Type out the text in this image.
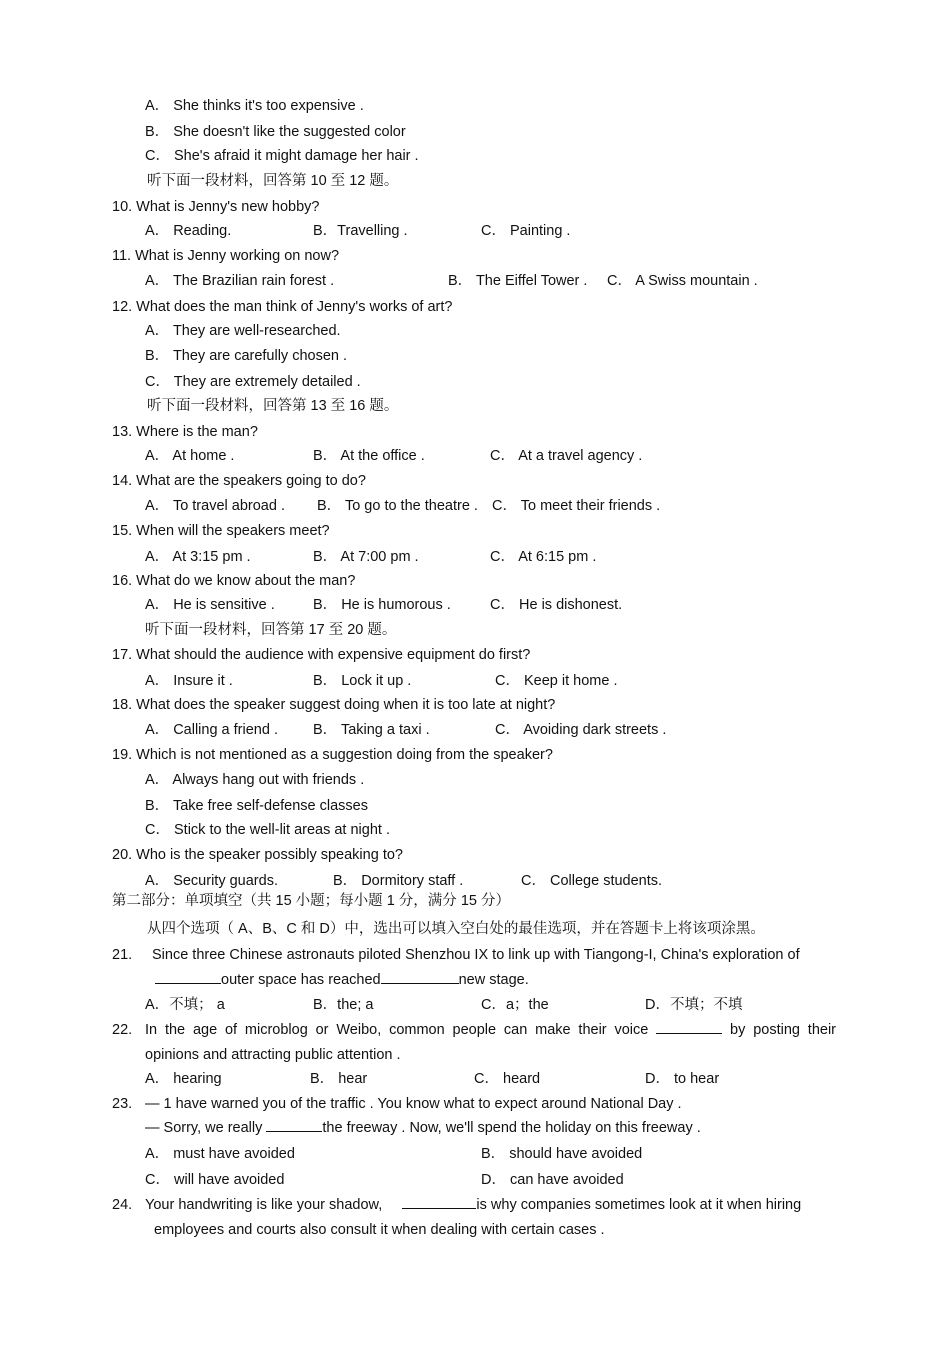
A． She thinks it's too expensive .
B． She doesn't like the suggested color
C． She's afraid it might damage her hair .
听下面一段材料，回答第 10 至 12 题。
10. What is Jenny's new hobby?
A． Reading.	B．Travelling .	C． Painting .
11. What is Jenny working on now?
A． The Brazilian rain forest .	B． The Eiffel Tower . C． A Swiss mountain .
12. What does the man think of Jenny's works of art?
A． They are well-researched.
B． They are carefully chosen .
C． They are extremely detailed .
听下面一段材料，回答第 13 至 16 题。
13. Where is the man?
A． At home .	B． At the office .	C． At a travel agency .
14. What are the speakers going to do?
A． To travel abroad . B． To go to the theatre . C． To meet their friends .
15. When will the speakers meet?
A． At 3:15 pm .	B． At 7:00 pm .	C． At 6:15 pm .
16. What do we know about the man?
A． He is sensitive .	B． He is humorous .	C． He is dishonest.
听下面一段材料，回答第 17 至 20 题。
17. What should the audience with expensive equipment do first?
A． Insure it .	B． Lock it up .	C． Keep it home .
18. What does the speaker suggest doing when it is too late at night?
A． Calling a friend . B． Taking a taxi .	C． Avoiding dark streets .
19. Which is not mentioned as a suggestion doing from the speaker?
A． Always hang out with friends .
B． Take free self-defense classes
C． Stick to the well-lit areas at night .
20. Who is the speaker possibly speaking to?
A． Security guards.	B． Dormitory staff .	C． College students.
第二部分：单项填空（共 15 小题；每小题 1 分，满分 15 分）
从四个选项（ A、B、C 和 D）中，选出可以填入空白处的最佳选项，并在答题卡上将该项涂黑。
21. Since three Chinese astronauts piloted Shenzhou IX to link up with Tiangong-I, China's exploration of
outer space has reached	new stage.
A．不填； a	B．the; a	C．a；the	D．不填；不填
22. In the age of microblog or Weibo, common people can make their voice	by posting their
opinions and attracting public attention .
A． hearing	B． hear	C． heard	D． to hear
23. — 1 have warned you of the traffic . You know what to expect around National Day .
— Sorry, we really	the freeway . Now, we'll spend the holiday on this freeway .
A． must have avoided	B． should have avoided
C． will have avoided	D． can have avoided
24. Your handwriting is like your shadow,	is why companies sometimes look at it when hiring
employees and courts also consult it when dealing with certain cases .
